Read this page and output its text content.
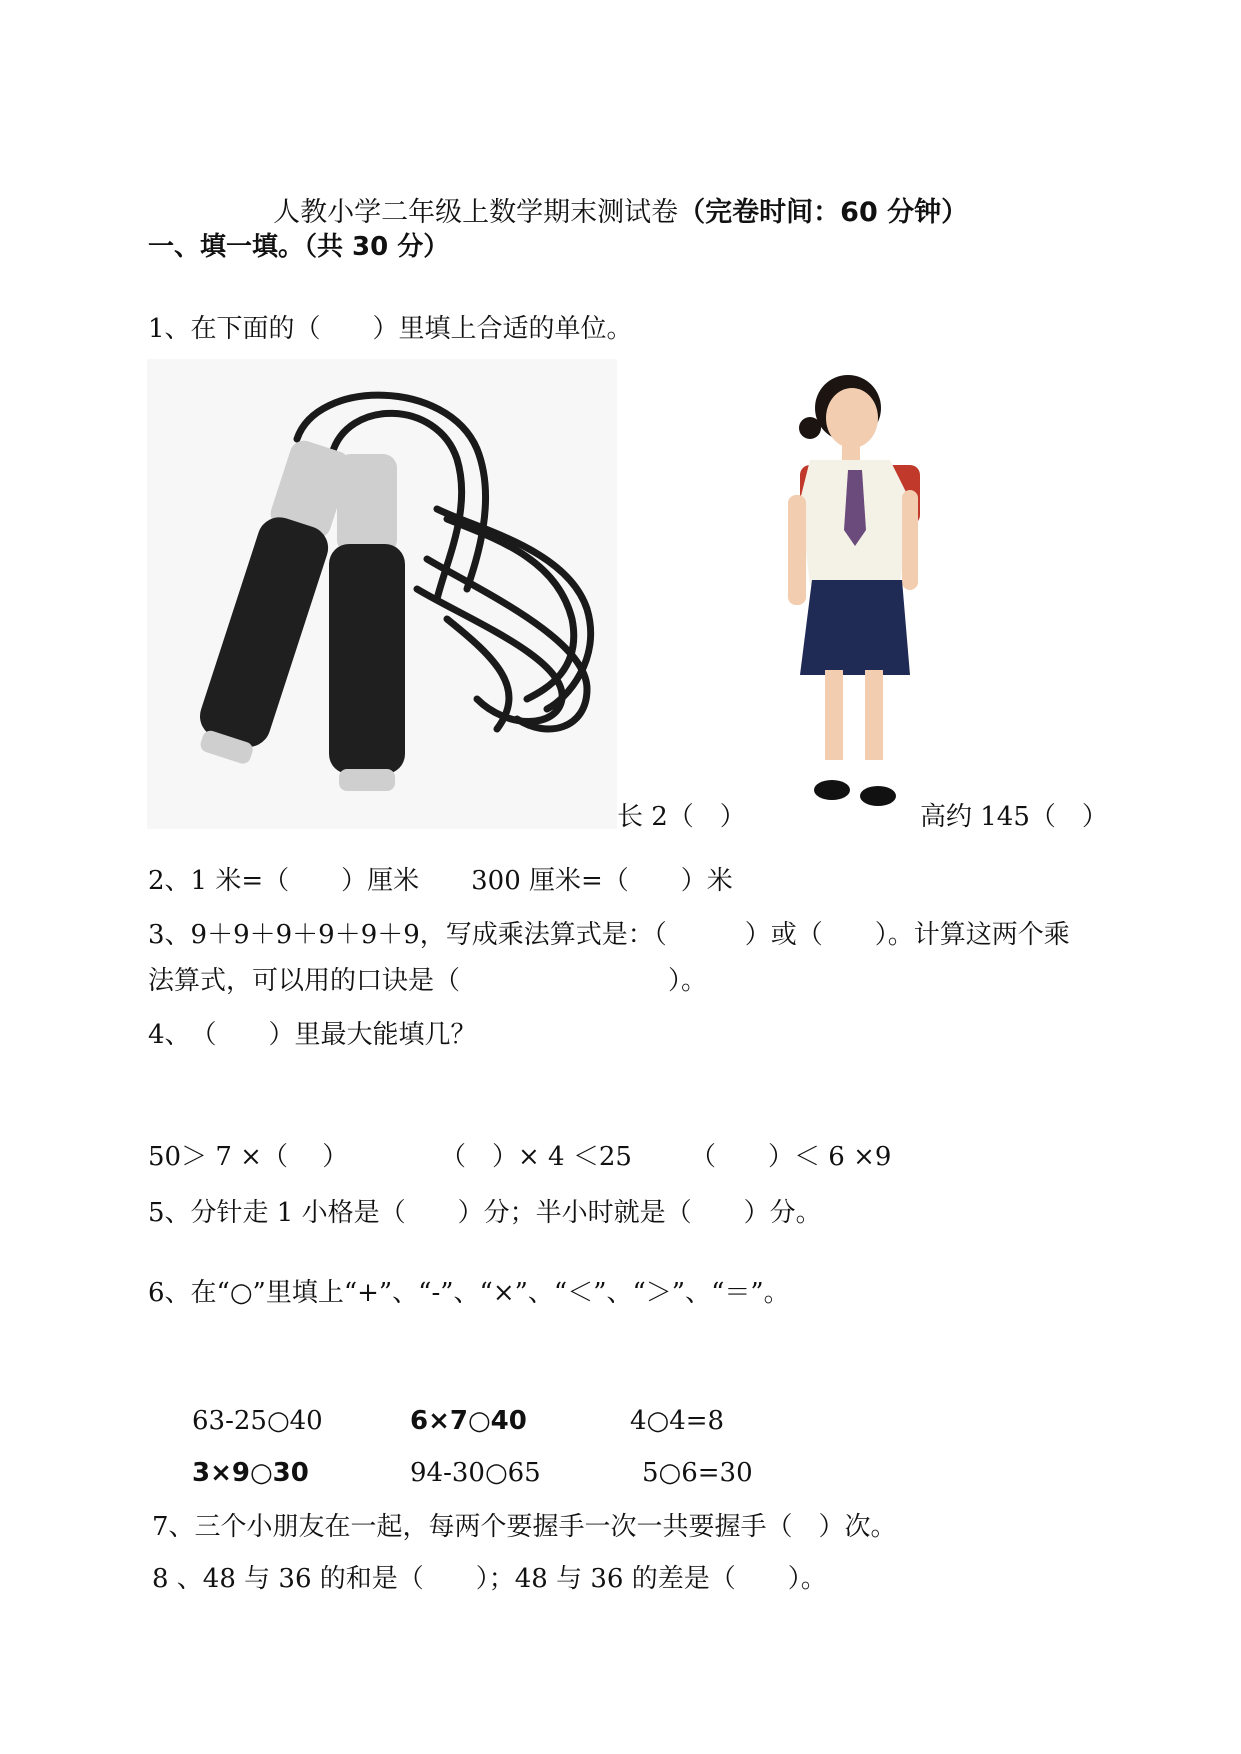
人教小学二年级上数学期末测试卷（完卷时间：60 分钟）

一、填一填。（共 30 分）
1、在下面的（　　）里填上合适的单位。
长 2（　）	高约 145（　）
2、1 米=（　　）厘米　　300 厘米=（　　）米
3、9＋9＋9＋9＋9＋9，写成乘法算式是：（　　　）或（　　）。计算这两个乘
法算式，可以用的口诀是（　　　　　　　　）。
4、　（　　）里最大能填几？
50＞ 7 ×（　 ）	（　）× 4 ＜25 （　　）＜ 6 ×9
5、分针走 1 小格是（　　）分；半小时就是（　　）分。
6、在“○”里填上“+”、“-”、“×”、“＜”、“＞”、“＝”。
63-25○40	6×7○40	4○4=8
3×9○30	94-30○65	5○6=30
7、三个小朋友在一起，每两个要握手一次一共要握手（　）次。
8 、48 与 36 的和是（　　）；48 与 36 的差是（　　）。
